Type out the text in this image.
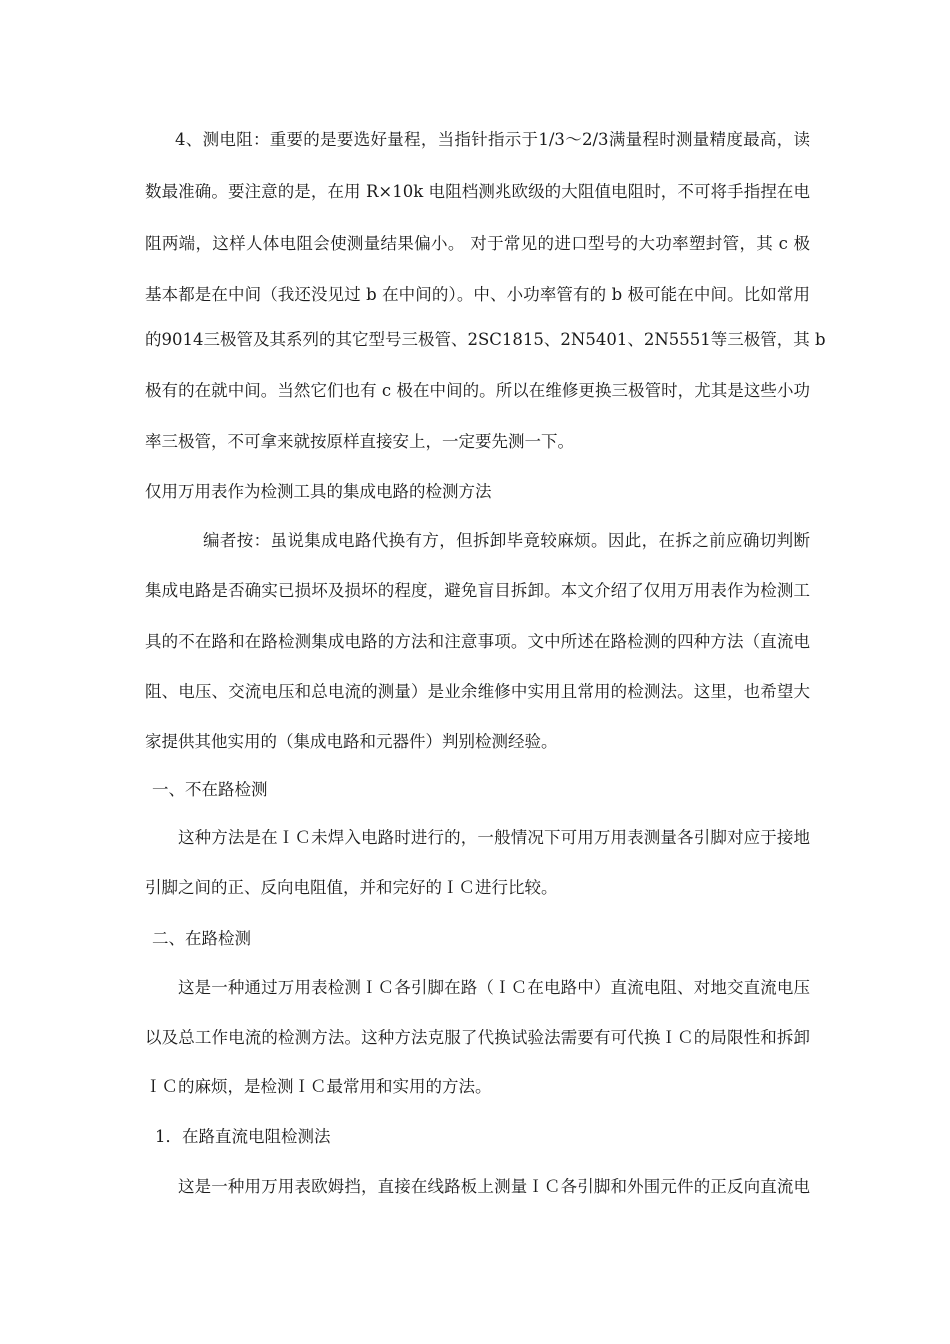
4、测电阻：重要的是要选好量程，当指针指示于1/3～2/3满量程时测量精度最高，读
数最准确。要注意的是，在用 R×10k 电阻档测兆欧级的大阻值电阻时，不可将手指捏在电
阻两端，这样人体电阻会使测量结果偏小。 对于常见的进口型号的大功率塑封管，其 c 极
基本都是在中间（我还没见过 b 在中间的）。中、小功率管有的 b 极可能在中间。比如常用
的9014三极管及其系列的其它型号三极管、2SC1815、2N5401、2N5551等三极管，其 b
极有的在就中间。当然它们也有 c 极在中间的。所以在维修更换三极管时，尤其是这些小功
率三极管，不可拿来就按原样直接安上，一定要先测一下。
仅用万用表作为检测工具的集成电路的检测方法
编者按：虽说集成电路代换有方，但拆卸毕竟较麻烦。因此，在拆之前应确切判断
集成电路是否确实已损坏及损坏的程度，避免盲目拆卸。本文介绍了仅用万用表作为检测工
具的不在路和在路检测集成电路的方法和注意事项。文中所述在路检测的四种方法（直流电
阻、电压、交流电压和总电流的测量）是业余维修中实用且常用的检测法。这里，也希望大
家提供其他实用的（集成电路和元器件）判别检测经验。
一、不在路检测
这种方法是在ＩＣ未焊入电路时进行的，一般情况下可用万用表测量各引脚对应于接地
引脚之间的正、反向电阻值，并和完好的ＩＣ进行比较。
二、在路检测
这是一种通过万用表检测ＩＣ各引脚在路（ＩＣ在电路中）直流电阻、对地交直流电压
以及总工作电流的检测方法。这种方法克服了代换试验法需要有可代换ＩＣ的局限性和拆卸
ＩＣ的麻烦，是检测ＩＣ最常用和实用的方法。
1．在路直流电阻检测法
这是一种用万用表欧姆挡，直接在线路板上测量ＩＣ各引脚和外围元件的正反向直流电
